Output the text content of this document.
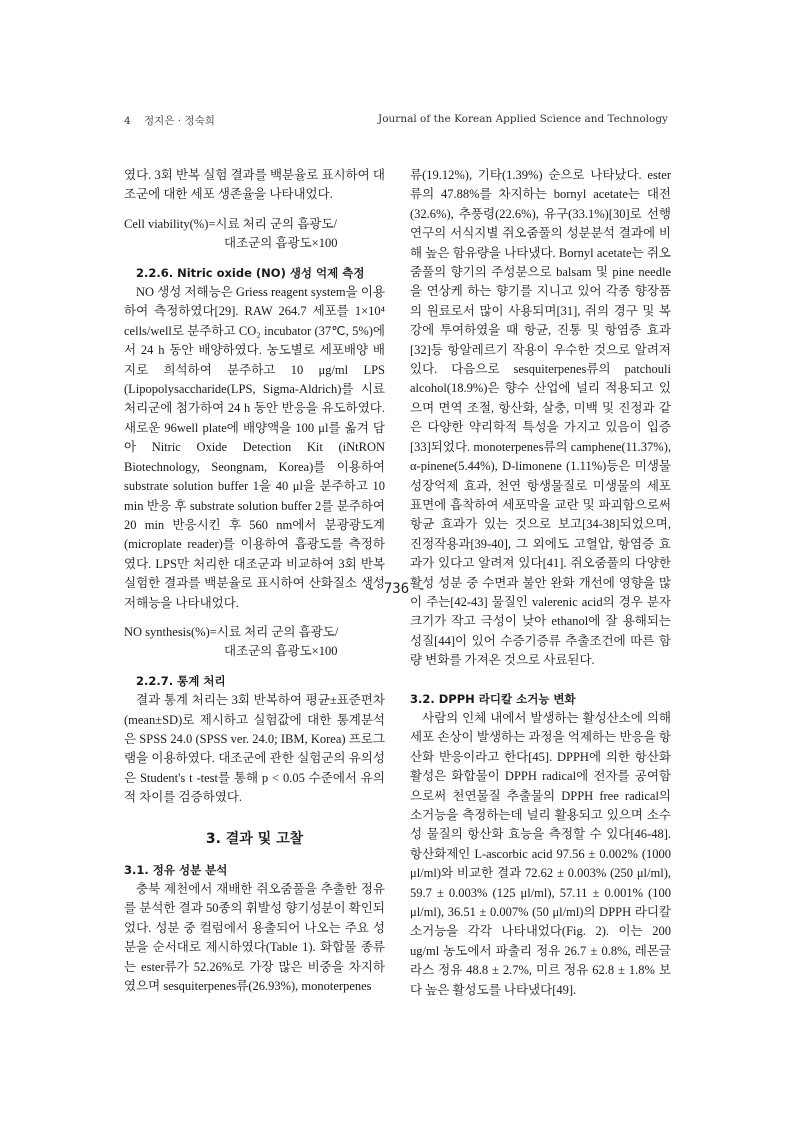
4    정지은 · 정숙희	Journal of the Korean Applied Science and Technology

였다. 3회 반복 실험 결과를 백분율로 표시하여 대조군에 대한 세포 생존율을 나타내었다.

Cell viability(%)=시료 처리 군의 흡광도/

대조군의 흡광도×100

2.2.6. Nitric oxide (NO) 생성 억제 측정

NO 생성 저해능은 Griess reagent system을 이용하여 측정하였다[29]. RAW 264.7 세포를 1×10⁴ cells/well로 분주하고 CO₂ incubator (37℃, 5%)에서 24 h 동안 배양하였다. 농도별로 세포배양 배지로 희석하여 분주하고 10 μg/ml LPS (Lipopolysaccharide(LPS, Sigma-Aldrich)를 시료 처리군에 첨가하여 24 h 동안 반응을 유도하였다. 새로운 96well plate에 배양액을 100 μl를 옮겨 담아 Nitric Oxide Detection Kit (iNtRON Biotechnology, Seongnam, Korea)를 이용하여 substrate solution buffer 1을 40 μl을 분주하고 10 min 반응 후 substrate solution buffer 2를 분주하여 20 min 반응시킨 후 560 nm에서 분광광도계(microplate reader)를 이용하여 흡광도를 측정하였다. LPS만 처리한 대조군과 비교하여 3회 반복 실험한 결과를 백분율로 표시하여 산화질소 생성 저해능을 나타내었다.

NO synthesis(%)=시료 처리 군의 흡광도/

대조군의 흡광도×100

2.2.7. 통계 처리

결과 통계 처리는 3회 반복하여 평균±표준편차(mean±SD)로 제시하고 실험값에 대한 통계분석은 SPSS 24.0 (SPSS ver. 24.0; IBM, Korea) 프로그램을 이용하였다. 대조군에 관한 실험군의 유의성은 Student's t -test를 통해 p < 0.05 수준에서 유의적 차이를 검증하였다.

3. 결과 및 고찰

3.1. 정유 성분 분석

충북 제천에서 재배한 쥐오줌풀을 추출한 정유를 분석한 결과 50종의 휘발성 향기성분이 확인되었다. 성분 중 컬럼에서 용출되어 나오는 주요 성분을 순서대로 제시하였다(Table 1). 화합물 종류는 ester류가 52.26%로 가장 많은 비중을 차지하였으며 sesquiterpenes류(26.93%), monoterpenes

류(19.12%), 기타(1.39%) 순으로 나타났다. ester류의 47.88%를 차지하는 bornyl acetate는 대전(32.6%), 추풍령(22.6%), 유구(33.1%)[30]로 선행연구의 서식지별 쥐오줌풀의 성분분석 결과에 비해 높은 함유량을 나타냈다. Bornyl acetate는 쥐오줌풀의 향기의 주성분으로 balsam 및 pine needle을 연상케 하는 향기를 지니고 있어 각종 향장품의 원료로서 많이 사용되며[31], 쥐의 경구 및 복강에 투여하였을 때 항균, 진통 및 항염증 효과[32]등 항알레르기 작용이 우수한 것으로 알려져 있다. 다음으로 sesquiterpenes류의 patchouli alcohol(18.9%)은 향수 산업에 널리 적용되고 있으며 면역 조절, 항산화, 살충, 미백 및 진정과 같은 다양한 약리학적 특성을 가지고 있음이 입증[33]되었다. monoterpenes류의 camphene(11.37%), α-pinene(5.44%), D-limonene (1.11%)등은 미생물 성장억제 효과, 천연 항생물질로 미생물의 세포 표면에 흡착하여 세포막을 교란 및 파괴함으로써 항균 효과가 있는 것으로 보고[34-38]되었으며, 진정작용과[39-40], 그 외에도 고혈압, 항염증 효과가 있다고 알려져 있다[41]. 쥐오줌풀의 다양한 활성 성분 중 수면과 불안 완화 개선에 영향을 많이 주는[42-43] 물질인 valerenic acid의 경우 분자 크기가 작고 극성이 낮아 ethanol에 잘 용해되는 성질[44]이 있어 수증기증류 추출조건에 따른 함량 변화를 가져온 것으로 사료된다.

3.2. DPPH 라디칼 소거능 변화

사람의 인체 내에서 발생하는 활성산소에 의해 세포 손상이 발생하는 과정을 억제하는 반응을 항산화 반응이라고 한다[45]. DPPH에 의한 항산화 활성은 화합물이 DPPH radical에 전자를 공여함으로써 천연물질 추출물의 DPPH free radical의 소거능을 측정하는데 널리 활용되고 있으며 소수성 물질의 항산화 효능을 측정할 수 있다[46-48]. 항산화제인 L-ascorbic acid 97.56 ± 0.002% (1000 μl/ml)와 비교한 결과 72.62 ± 0.003% (250 μl/ml), 59.7 ± 0.003% (125 μl/ml), 57.11 ± 0.001% (100 μl/ml), 36.51 ± 0.007% (50 μl/ml)의 DPPH 라디칼 소거능을 각각 나타내었다(Fig. 2). 이는 200 ug/ml 농도에서 파출리 정유 26.7 ± 0.8%, 레몬글라스 정유 48.8 ± 2.7%, 미르 정유 62.8 ± 1.8% 보다 높은 활성도를 나타냈다[49].

- 736 -
